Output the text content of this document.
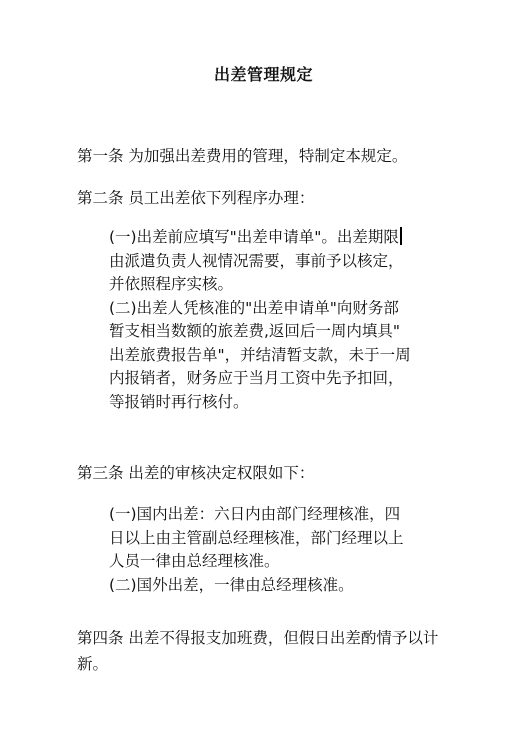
出差管理规定
第一条 为加强出差费用的管理，特制定本规定。
第二条 员工出差依下列程序办理：
(一)出差前应填写"出差申请单"。出差期限
由派遣负责人视情况需要，事前予以核定，
并依照程序实核。
(二)出差人凭核准的"出差申请单"向财务部
暂支相当数额的旅差费,返回后一周内填具"
出差旅费报告单"，并结清暂支款，未于一周
内报销者，财务应于当月工资中先予扣回，
等报销时再行核付。
第三条 出差的审核决定权限如下：
(一)国内出差：六日内由部门经理核准，四
日以上由主管副总经理核准，部门经理以上
人员一律由总经理核准。
(二)国外出差，一律由总经理核准。
第四条 出差不得报支加班费，但假日出差酌情予以计
新。
